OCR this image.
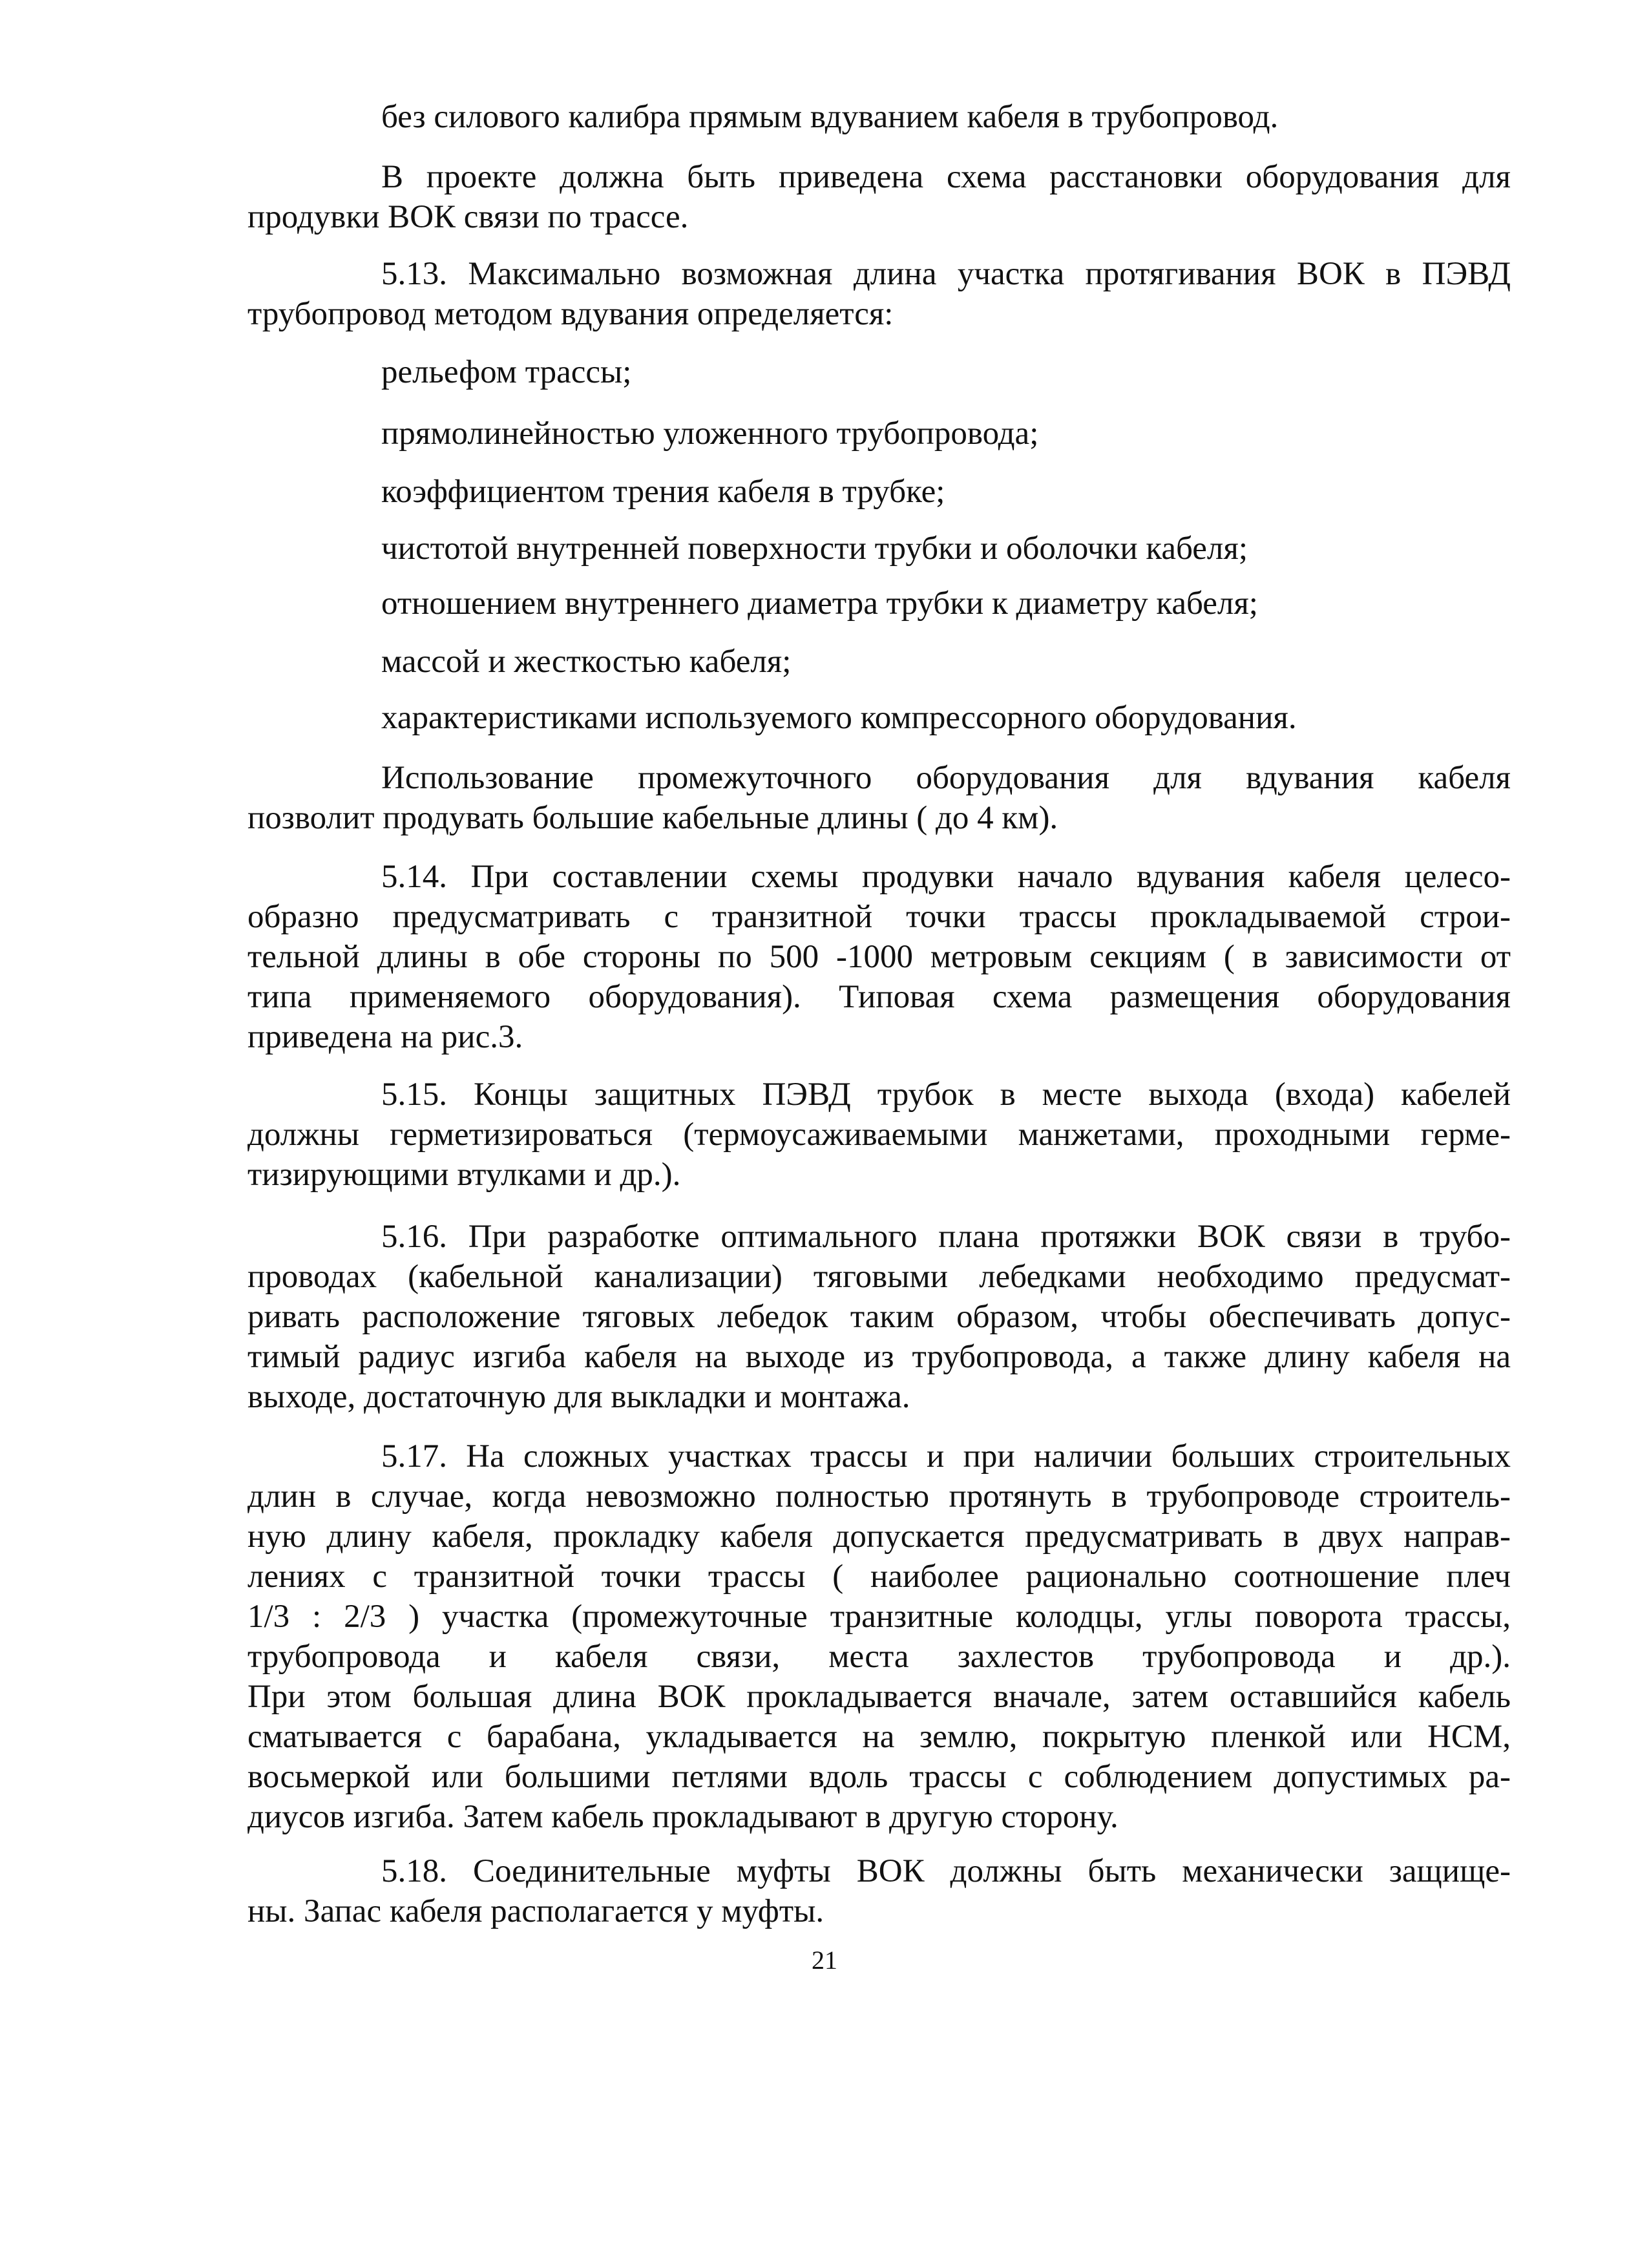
без силового калибра прямым вдуванием кабеля в трубопровод.
В проекте должна быть приведена схема расстановки оборудования для
продувки ВОК связи по трассе.
5.13. Максимально возможная длина участка протягивания ВОК в ПЭВД
трубопровод методом вдувания определяется:
рельефом трассы;
прямолинейностью уложенного трубопровода;
коэффициентом трения кабеля в трубке;
чистотой внутренней поверхности трубки и оболочки кабеля;
отношением внутреннего диаметра трубки к диаметру кабеля;
массой и жесткостью кабеля;
характеристиками используемого компрессорного оборудования.
Использование промежуточного оборудования для вдувания кабеля
позволит продувать большие кабельные длины ( до 4 км).
5.14. При составлении схемы продувки начало вдувания кабеля целесо-
образно предусматривать с транзитной точки трассы прокладываемой строи-
тельной длины в обе стороны по 500 -1000 метровым секциям ( в зависимости от
типа применяемого оборудования). Типовая схема размещения оборудования
приведена на рис.3.
5.15. Концы защитных ПЭВД трубок в месте выхода (входа) кабелей
должны герметизироваться (термоусаживаемыми манжетами, проходными герме-
тизирующими втулками и др.).
5.16. При разработке оптимального плана протяжки ВОК связи в трубо-
проводах (кабельной канализации) тяговыми лебедками необходимо предусмат-
ривать расположение тяговых лебедок таким образом, чтобы обеспечивать допус-
тимый радиус изгиба кабеля на выходе из трубопровода, а также длину кабеля на
выходе, достаточную для выкладки и монтажа.
5.17. На сложных участках трассы и при наличии больших строительных
длин в случае, когда невозможно полностью протянуть в трубопроводе строитель-
ную длину кабеля, прокладку кабеля допускается предусматривать в двух направ-
лениях с транзитной точки трассы ( наиболее рационально соотношение плеч
1/3 : 2/3 ) участка (промежуточные транзитные колодцы, углы поворота трассы,
трубопровода и кабеля связи, места захлестов трубопровода и др.).
При этом большая длина ВОК прокладывается вначале, затем оставшийся кабель
сматывается с барабана, укладывается на землю, покрытую пленкой или НСМ,
восьмеркой или большими петлями вдоль трассы с соблюдением допустимых ра-
диусов изгиба. Затем кабель прокладывают в другую сторону.
5.18. Соединительные муфты ВОК должны быть механически защище-
ны. Запас кабеля располагается у муфты.
21
